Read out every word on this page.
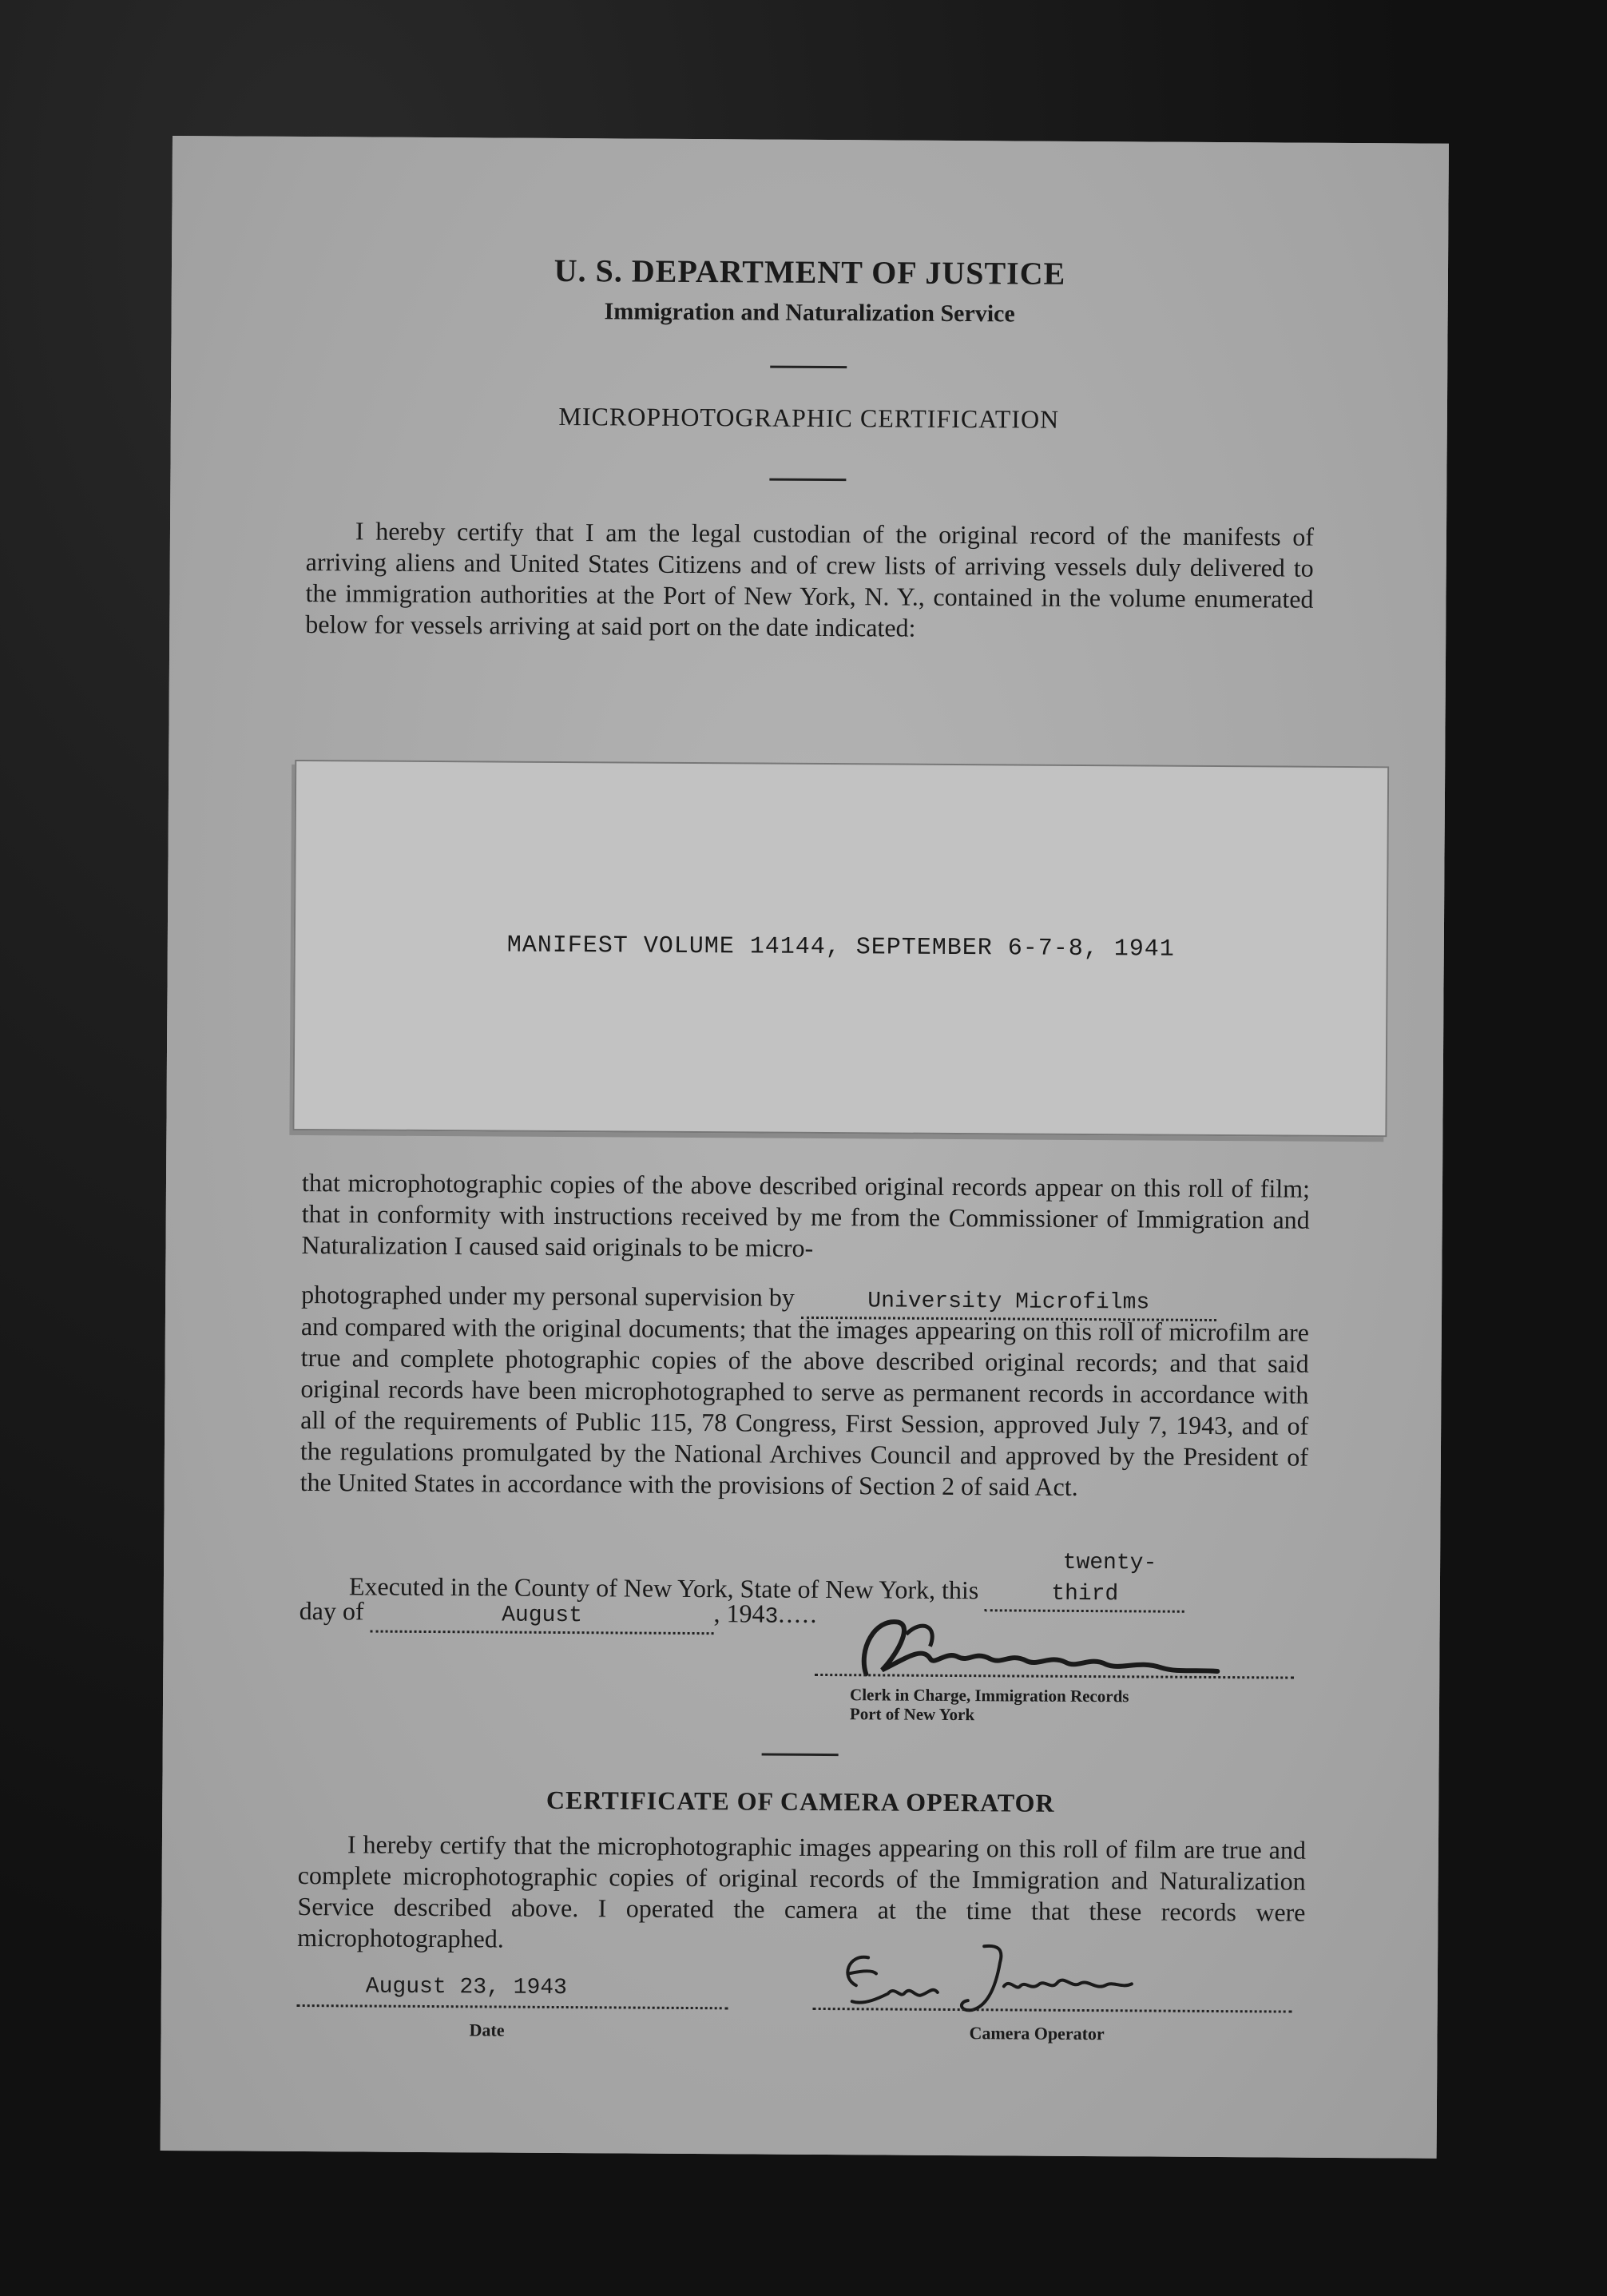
U. S. DEPARTMENT OF JUSTICE
Immigration and Naturalization Service
MICROPHOTOGRAPHIC CERTIFICATION
I hereby certify that I am the legal custodian of the original record of the manifests of arriving aliens and United States Citizens and of crew lists of arriving vessels duly delivered to the immigration authorities at the Port of New York, N. Y., contained in the volume enumerated below for vessels arriving at said port on the date indicated:
MANIFEST VOLUME 14144, SEPTEMBER 6-7-8, 1941
that microphotographic copies of the above described original records appear on this roll of film; that in conformity with instructions received by me from the Commissioner of Immigration and Naturalization I caused said originals to be micro-
photographed under my personal supervision by	University Microfilms
and compared with the original documents; that the images appearing on this roll of microfilm are true and complete photographic copies of the above described original records; and that said original records have been microphotographed to serve as permanent records in accordance with all of the requirements of Public 115, 78 Congress, First Session, approved July 7, 1943, and of the regulations promulgated by the National Archives Council and approved by the President of the United States in accordance with the provisions of Section 2 of said Act.
Executed in the County of New York, State of New York, this twenty-third
day of	August	, 1943.....
Clerk in Charge, Immigration Records
Port of New York
CERTIFICATE OF CAMERA OPERATOR
I hereby certify that the microphotographic images appearing on this roll of film are true and complete microphotographic copies of original records of the Immigration and Naturalization Service described above. I operated the camera at the time that these records were microphotographed.
August 23, 1943
Date	Camera Operator
